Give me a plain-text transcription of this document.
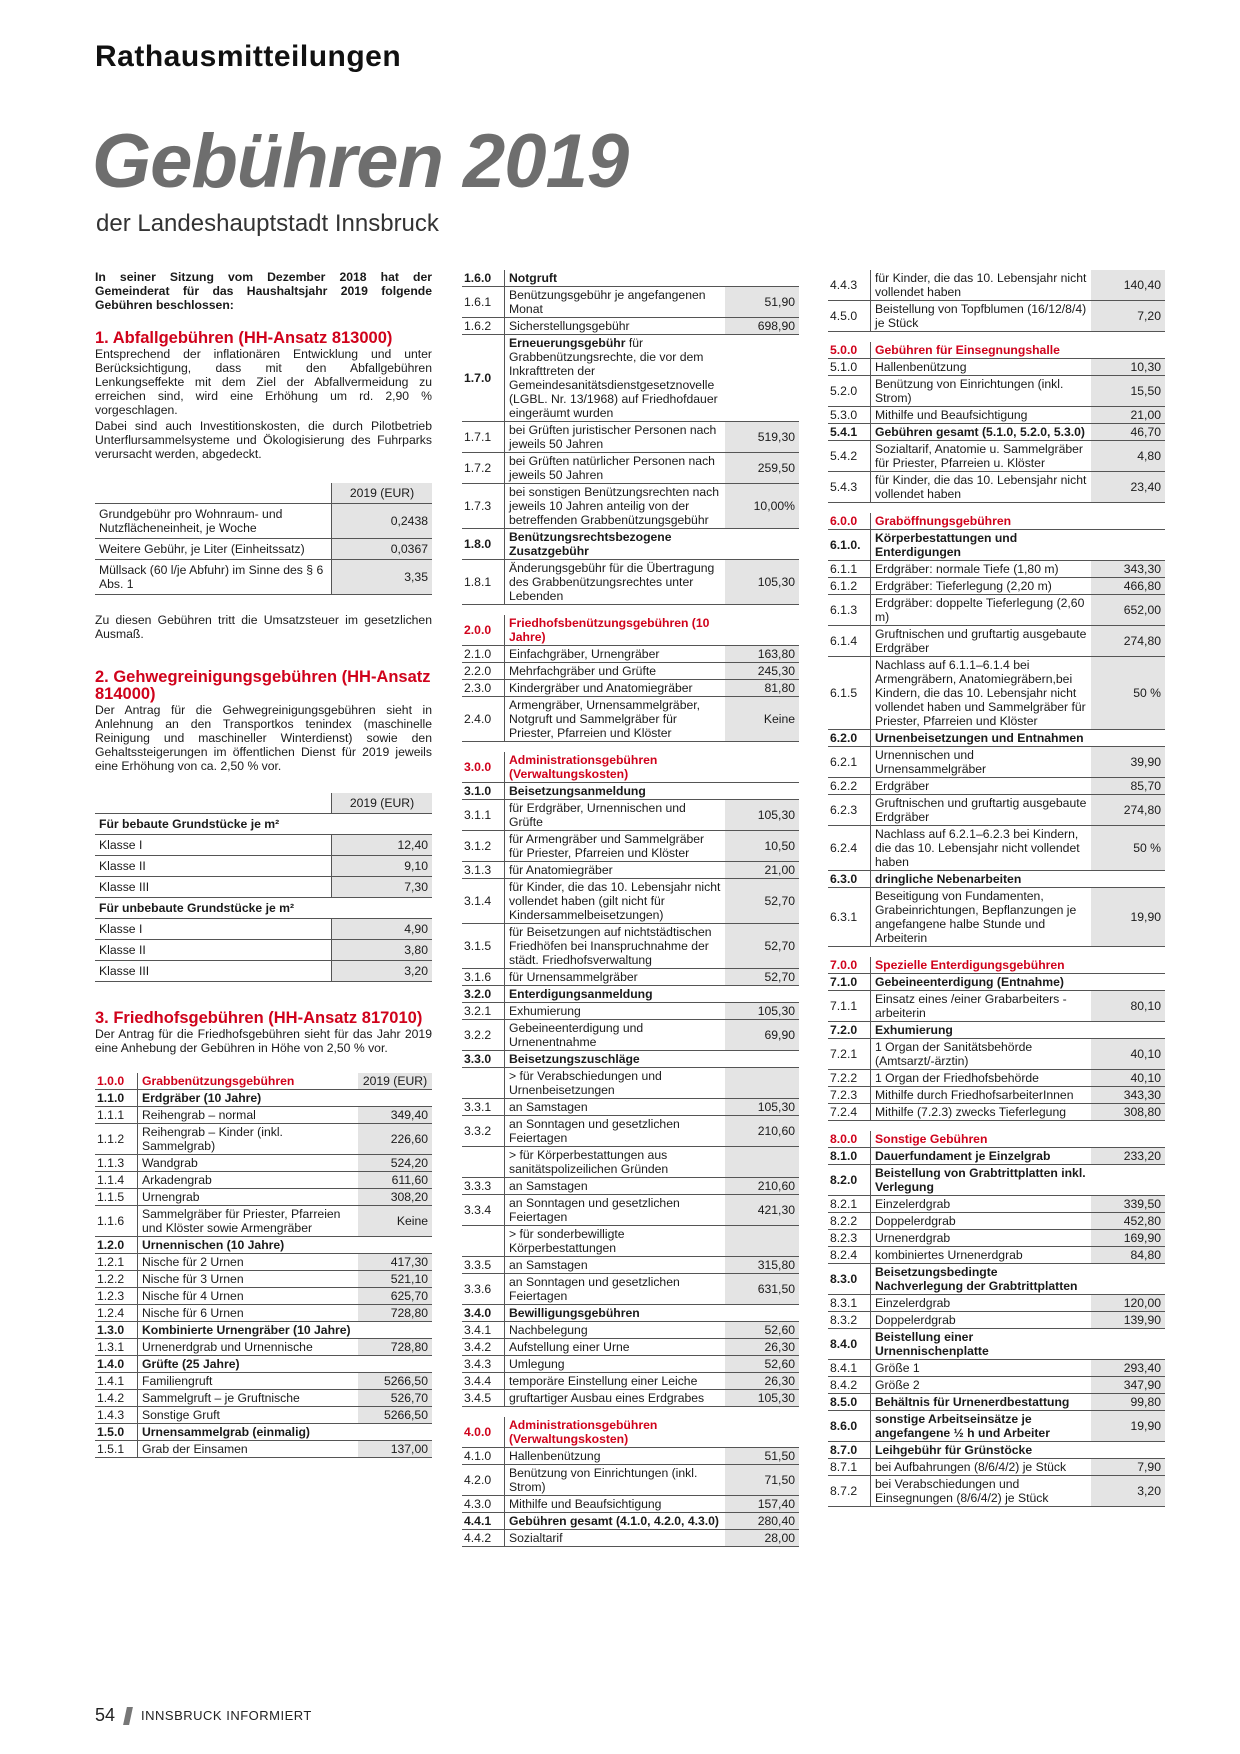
Rathausmitteilungen
Gebühren 2019
der Landeshauptstadt Innsbruck
In seiner Sitzung vom Dezember 2018 hat der Gemeinderat für das Haushaltsjahr 2019 folgende Gebühren beschlossen:
1. Abfallgebühren (HH-Ansatz 813000)

Entsprechend der inflationären Entwicklung und unter Berücksichtigung, dass mit den Abfallgebühren Lenkungseffekte mit dem Ziel der Abfallvermeidung zu erreichen sind, wird eine Erhöhung um rd. 2,90 % vorgeschlagen.

Dabei sind auch Investitionskosten, die durch Pilotbetrieb Unterflursammelsysteme und Ökologisierung des Fuhrparks verursacht werden, abgedeckt.

	2019 (EUR)
Grundgebühr pro Wohnraum- und Nutzflächeneinheit, je Woche	0,2438
Weitere Gebühr, je Liter (Einheitssatz)	0,0367
Müllsack (60 l/je Abfuhr) im Sinne des § 6 Abs. 1	3,35

Zu diesen Gebühren tritt die Umsatzsteuer im gesetzlichen Ausmaß.

2. Gehwegreinigungsgebühren (HH-Ansatz 814000)

Der Antrag für die Gehwegreinigungsgebühren sieht in Anlehnung an den Transportkos tenindex (maschinelle Reinigung und maschineller Winterdienst) sowie den Gehaltssteigerungen im öffentlichen Dienst für 2019 jeweils eine Erhöhung von ca. 2,50 % vor.

	2019 (EUR)
Für bebaute Grundstücke je m²	
Klasse I	12,40
Klasse II	9,10
Klasse III	7,30
Für unbebaute Grundstücke je m²	
Klasse I	4,90
Klasse II	3,80
Klasse III	3,20
3. Friedhofsgebühren (HH-Ansatz 817010)

Der Antrag für die Friedhofsgebühren sieht für das Jahr 2019 eine Anhebung der Gebühren in Höhe von 2,50 % vor.

1.0.0	Grabbenützungsgebühren	2019 (EUR)
1.1.0	Erdgräber (10 Jahre)	
1.1.1	Reihengrab – normal	349,40
1.1.2	Reihengrab – Kinder (inkl. Sammelgrab)	226,60
1.1.3	Wandgrab	524,20
1.1.4	Arkadengrab	611,60
1.1.5	Urnengrab	308,20
1.1.6	Sammelgräber für Priester, Pfarreien und Klöster sowie Armengräber	Keine
1.2.0	Urnennischen (10 Jahre)	
1.2.1	Nische für 2 Urnen	417,30
1.2.2	Nische für 3 Urnen	521,10
1.2.3	Nische für 4 Urnen	625,70
1.2.4	Nische für 6 Urnen	728,80
1.3.0	Kombinierte Urnengräber (10 Jahre)	
1.3.1	Urnenerdgrab und Urnennische	728,80
1.4.0	Grüfte (25 Jahre)	
1.4.1	Familiengruft	5266,50
1.4.2	Sammelgruft – je Gruftnische	526,70
1.4.3	Sonstige Gruft	5266,50
1.5.0	Urnensammelgrab (einmalig)	
1.5.1	Grab der Einsamen	137,00
1.6.0	Notgruft	
1.6.1	Benützungsgebühr je angefangenen Monat	51,90
1.6.2	Sicherstellungsgebühr	698,90
1.7.0	Erneuerungsgebühr für Grabbenützungsrechte, die vor dem Inkrafttreten der Gemeindesanitätsdienstgesetznovelle (LGBL. Nr. 13/1968) auf Friedhofdauer eingeräumt wurden	
1.7.1	bei Grüften juristischer Personen nach jeweils 50 Jahren	519,30
1.7.2	bei Grüften natürlicher Personen nach jeweils 50 Jahren	259,50
1.7.3	bei sonstigen Benützungsrechten nach jeweils 10 Jahren anteilig von der betreffenden Grabbenützungsgebühr	10,00%
1.8.0	Benützungsrechtsbezogene Zusatzgebühr	
1.8.1	Änderungsgebühr für die Übertragung des Grabbenützungsrechtes unter Lebenden	105,30

2.0.0	Friedhofsbenützungsgebühren (10 Jahre)	
2.1.0	Einfachgräber, Urnengräber	163,80
2.2.0	Mehrfachgräber und Grüfte	245,30
2.3.0	Kindergräber und Anatomiegräber	81,80
2.4.0	Armengräber, Urnensammelgräber, Notgruft und Sammelgräber für Priester, Pfarreien und Klöster	Keine

3.0.0	Administrationsgebühren (Verwaltungskosten)	
3.1.0	Beisetzungsanmeldung	
3.1.1	für Erdgräber, Urnennischen und Grüfte	105,30
3.1.2	für Armengräber und Sammelgräber für Priester, Pfarreien und Klöster	10,50
3.1.3	für Anatomiegräber	21,00
3.1.4	für Kinder, die das 10. Lebensjahr nicht vollendet haben (gilt nicht für Kindersammelbeisetzungen)	52,70
3.1.5	für Beisetzungen auf nichtstädtischen Friedhöfen bei Inanspruchnahme der städt. Friedhofsverwaltung	52,70
3.1.6	für Urnensammelgräber	52,70
3.2.0	Enterdigungsanmeldung	
3.2.1	Exhumierung	105,30
3.2.2	Gebeineenterdigung und Urnenentnahme	69,90
3.3.0	Beisetzungszuschläge	
	> für Verabschiedungen und Urnenbeisetzungen	
3.3.1	an Samstagen	105,30
3.3.2	an Sonntagen und gesetzlichen Feiertagen	210,60
	> für Körperbestattungen aus sanitätspolizeilichen Gründen	
3.3.3	an Samstagen	210,60
3.3.4	an Sonntagen und gesetzlichen Feiertagen	421,30
	> für sonderbewilligte Körperbestattungen	
3.3.5	an Samstagen	315,80
3.3.6	an Sonntagen und gesetzlichen Feiertagen	631,50
3.4.0	Bewilligungsgebühren	
3.4.1	Nachbelegung	52,60
3.4.2	Aufstellung einer Urne	26,30
3.4.3	Umlegung	52,60
3.4.4	temporäre Einstellung einer Leiche	26,30
3.4.5	gruftartiger Ausbau eines Erdgrabes	105,30

4.0.0	Administrationsgebühren (Verwaltungskosten)	
4.1.0	Hallenbenützung	51,50
4.2.0	Benützung von Einrichtungen (inkl. Strom)	71,50
4.3.0	Mithilfe und Beaufsichtigung	157,40
4.4.1	Gebühren gesamt (4.1.0, 4.2.0, 4.3.0)	280,40
4.4.2	Sozialtarif	28,00
4.4.3	für Kinder, die das 10. Lebensjahr nicht vollendet haben	140,40
4.5.0	Beistellung von Topfblumen (16/12/8/4) je Stück	7,20

5.0.0	Gebühren für Einsegnungshalle	
5.1.0	Hallenbenützung	10,30
5.2.0	Benützung von Einrichtungen (inkl. Strom)	15,50
5.3.0	Mithilfe und Beaufsichtigung	21,00
5.4.1	Gebühren gesamt (5.1.0, 5.2.0, 5.3.0)	46,70
5.4.2	Sozialtarif, Anatomie u. Sammelgräber für Priester, Pfarreien u. Klöster	4,80
5.4.3	für Kinder, die das 10. Lebensjahr nicht vollendet haben	23,40

6.0.0	Graböffnungsgebühren	
6.1.0.	Körperbestattungen und Enterdigungen	
6.1.1	Erdgräber: normale Tiefe (1,80 m)	343,30
6.1.2	Erdgräber: Tieferlegung (2,20 m)	466,80
6.1.3	Erdgräber: doppelte Tieferlegung (2,60 m)	652,00
6.1.4	Gruftnischen und gruftartig ausgebaute Erdgräber	274,80
6.1.5	Nachlass auf 6.1.1–6.1.4 bei Armengräbern, Anatomiegräbern,bei Kindern, die das 10. Lebensjahr nicht vollendet haben und Sammelgräber für Priester, Pfarreien und Klöster	50 %
6.2.0	Urnenbeisetzungen und Entnahmen	
6.2.1	Urnennischen und Urnensammelgräber	39,90
6.2.2	Erdgräber	85,70
6.2.3	Gruftnischen und gruftartig ausgebaute Erdgräber	274,80
6.2.4	Nachlass auf 6.2.1–6.2.3 bei Kindern, die das 10. Lebensjahr nicht vollendet haben	50 %
6.3.0	dringliche Nebenarbeiten	
6.3.1	Beseitigung von Fundamenten, Grabeinrichtungen, Bepflanzungen je angefangene halbe Stunde und Arbeiterin	19,90

7.0.0	Spezielle Enterdigungsgebühren	
7.1.0	Gebeineenterdigung (Entnahme)	
7.1.1	Einsatz eines /einer Grabarbeiters -arbeiterin	80,10
7.2.0	Exhumierung	
7.2.1	1 Organ der Sanitätsbehörde (Amtsarzt/-ärztin)	40,10
7.2.2	1 Organ der Friedhofsbehörde	40,10
7.2.3	Mithilfe durch FriedhofsarbeiterInnen	343,30
7.2.4	Mithilfe (7.2.3) zwecks Tieferlegung	308,80

8.0.0	Sonstige Gebühren	
8.1.0	Dauerfundament je Einzelgrab	233,20
8.2.0	Beistellung von Grabtrittplatten inkl. Verlegung	
8.2.1	Einzelerdgrab	339,50
8.2.2	Doppelerdgrab	452,80
8.2.3	Urnenerdgrab	169,90
8.2.4	kombiniertes Urnenerdgrab	84,80
8.3.0	Beisetzungsbedingte Nachverlegung der Grabtrittplatten	
8.3.1	Einzelerdgrab	120,00
8.3.2	Doppelerdgrab	139,90
8.4.0	Beistellung einer Urnennischenplatte	
8.4.1	Größe 1	293,40
8.4.2	Größe 2	347,90
8.5.0	Behältnis für Urnenerdbestattung	99,80
8.6.0	sonstige Arbeitseinsätze je angefangene ½ h und Arbeiter	19,90
8.7.0	Leihgebühr für Grünstöcke	
8.7.1	bei Aufbahrungen (8/6/4/2) je Stück	7,90
8.7.2	bei Verabschiedungen und Einsegnungen (8/6/4/2) je Stück	3,20
54 INNSBRUCK INFORMIERT
